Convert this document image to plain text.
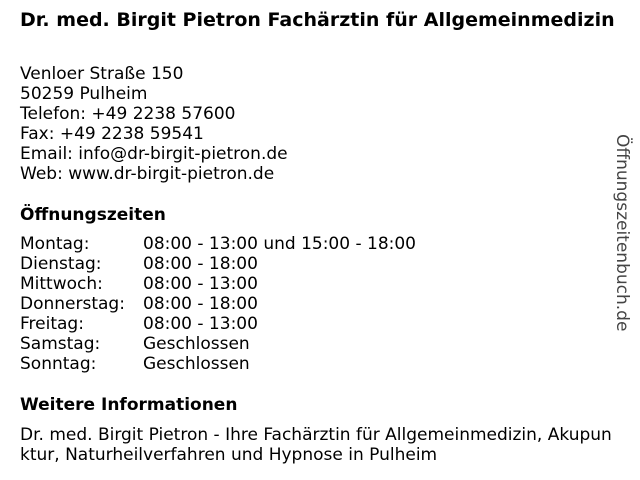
Dr. med. Birgit Pietron Fachärztin für Allgemeinmedizin
Venloer Straße 150
50259 Pulheim
Telefon: +49 2238 57600
Fax: +49 2238 59541
Email: info@dr-birgit-pietron.de
Web: www.dr-birgit-pietron.de
Öffnungszeiten
Montag:	08:00 - 13:00 und 15:00 - 18:00
Dienstag:	08:00 - 18:00
Mittwoch:	08:00 - 13:00
Donnerstag:	08:00 - 18:00
Freitag:	08:00 - 13:00
Samstag:	Geschlossen
Sonntag:	Geschlossen
Weitere Informationen
Dr. med. Birgit Pietron - Ihre Fachärztin für Allgemeinmedizin, Akupunktur, Naturheilverfahren und Hypnose in Pulheim
Öffnungszeitenbuch.de
